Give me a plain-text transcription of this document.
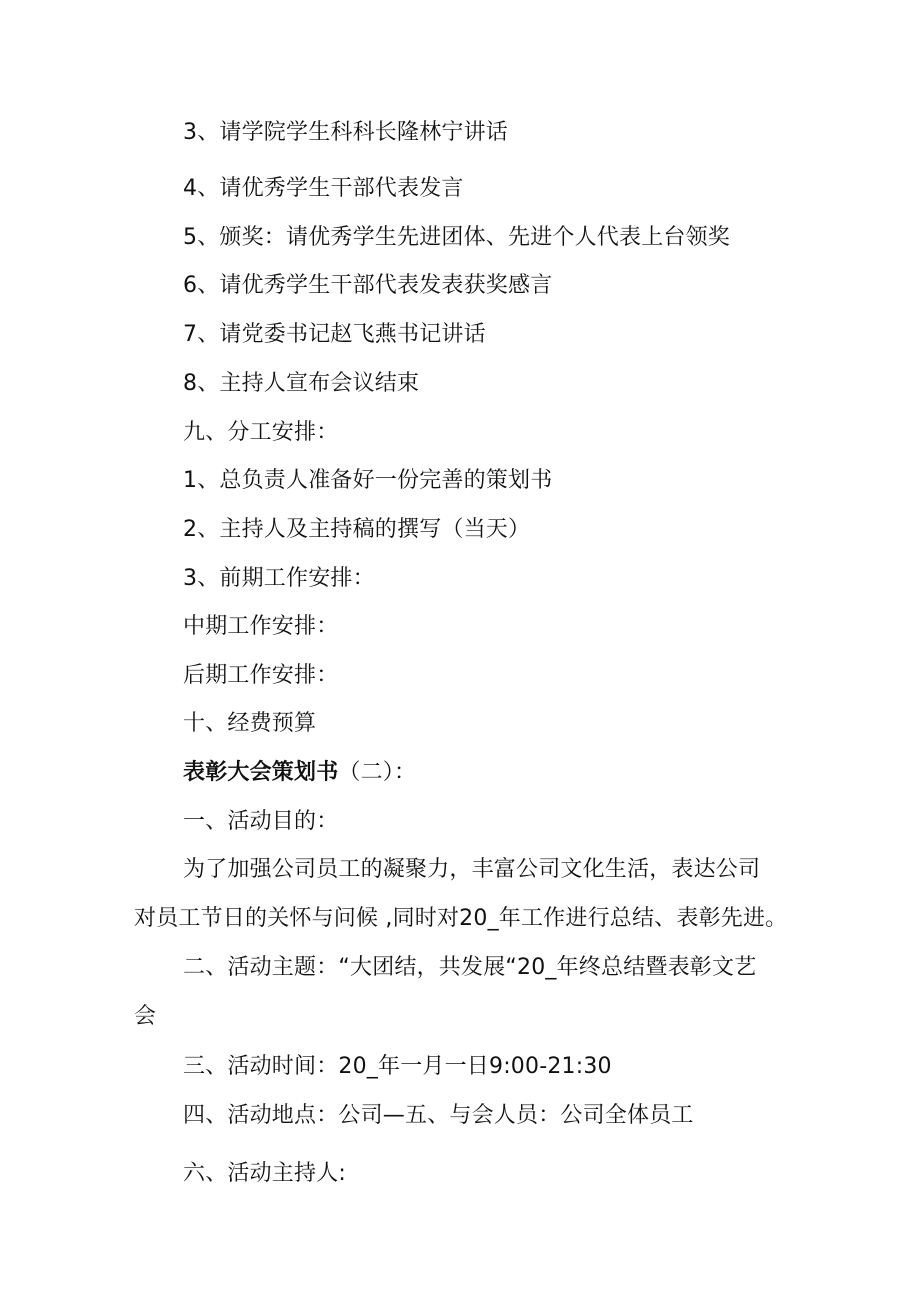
3、请学院学生科科长隆林宁讲话
4、请优秀学生干部代表发言
5、颁奖：请优秀学生先进团体、先进个人代表上台领奖
6、请优秀学生干部代表发表获奖感言
7、请党委书记赵飞燕书记讲话
8、主持人宣布会议结束
九、分工安排：
1、总负责人准备好一份完善的策划书
2、主持人及主持稿的撰写（当天）
3、前期工作安排：
中期工作安排：
后期工作安排：
十、经费预算
表彰大会策划书（二）：
一、活动目的：
为了加强公司员工的凝聚力，丰富公司文化生活，表达公司
对员工节日的关怀与问候 ,同时对20_年工作进行总结、表彰先进。
二、活动主题：“大团结，共发展“20_年终总结暨表彰文艺
会
三、活动时间：20_年一月一日9:00-21:30
四、活动地点：公司—五、与会人员：公司全体员工
六、活动主持人:
